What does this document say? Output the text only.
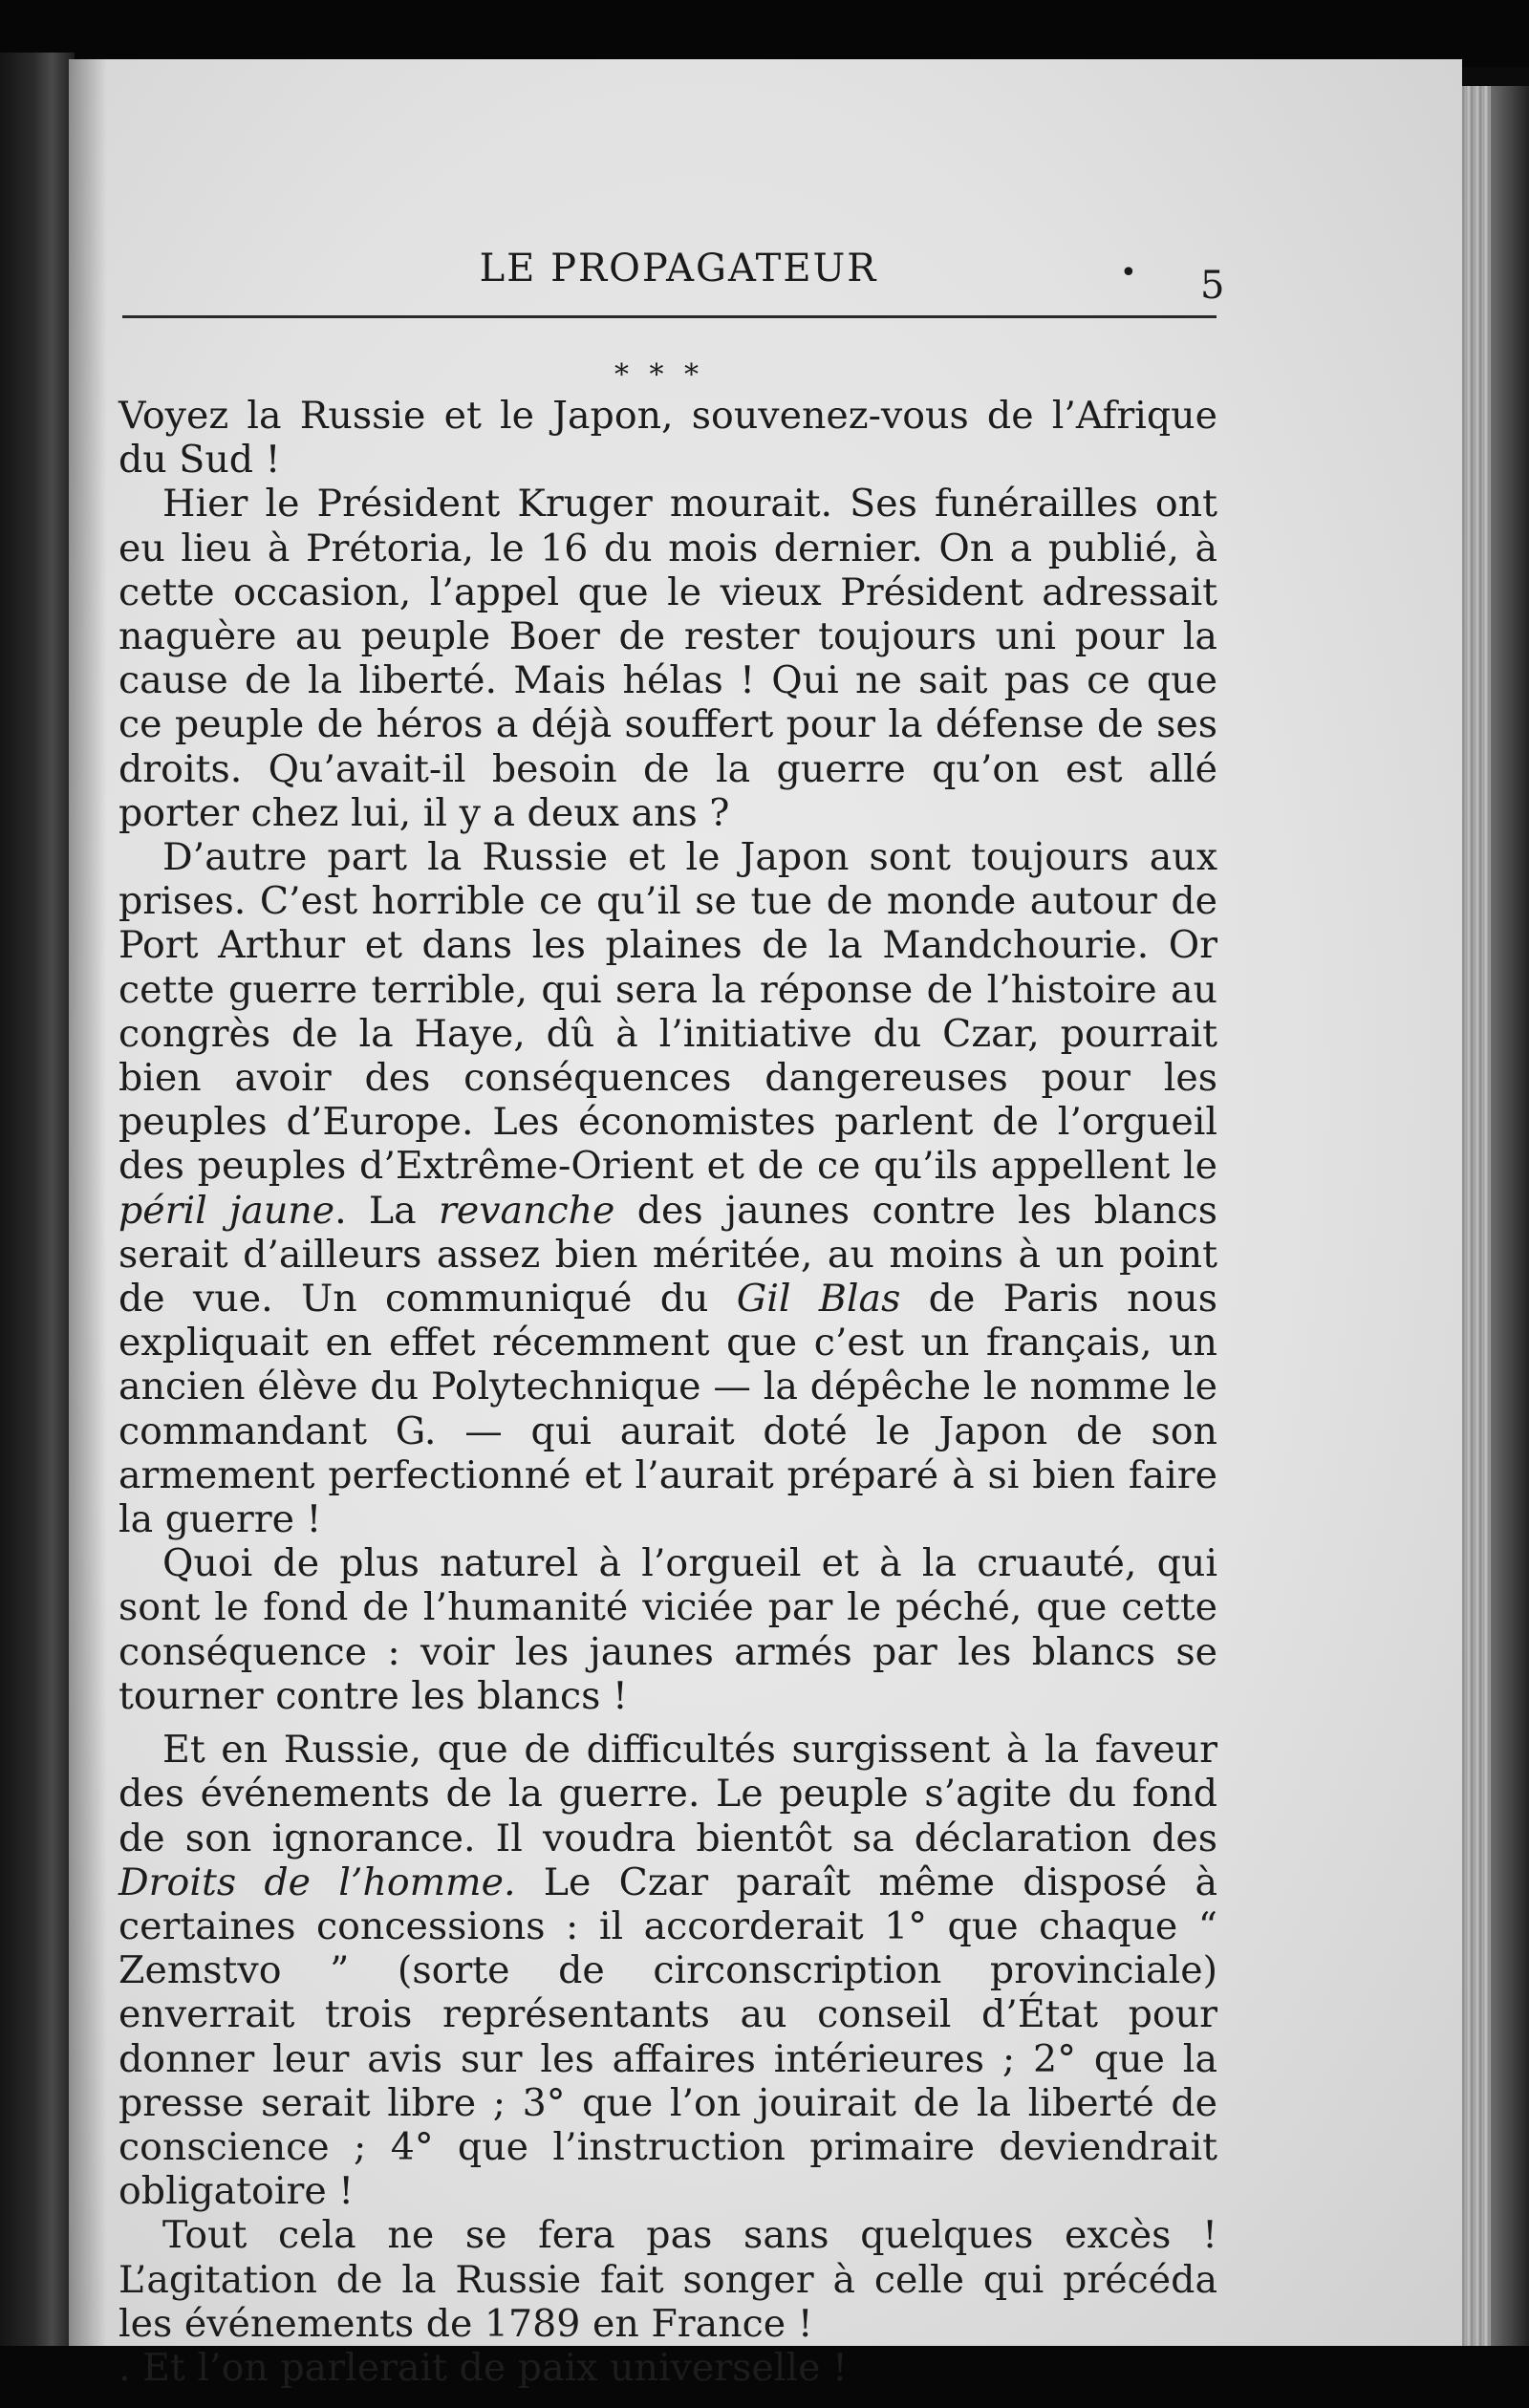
LE PROPAGATEUR	• 5
* * *

Voyez la Russie et le Japon, souvenez-vous de l’Afrique du Sud !

Hier le Président Kruger mourait. Ses funérailles ont eu lieu à Prétoria, le 16 du mois dernier. On a publié, à cette occasion, l’appel que le vieux Président adressait naguère au peuple Boer de rester toujours uni pour la cause de la liberté. Mais hélas ! Qui ne sait pas ce que ce peuple de héros a déjà souffert pour la défense de ses droits. Qu’avait-il besoin de la guerre qu’on est allé porter chez lui, il y a deux ans ?

D’autre part la Russie et le Japon sont toujours aux prises. C’est horrible ce qu’il se tue de monde autour de Port Arthur et dans les plaines de la Mandchourie. Or cette guerre terrible, qui sera la réponse de l’histoire au congrès de la Haye, dû à l’initiative du Czar, pourrait bien avoir des conséquences dangereuses pour les peuples d’Europe. Les économistes parlent de l’orgueil des peuples d’Extrême-Orient et de ce qu’ils appellent le péril jaune. La revanche des jaunes contre les blancs serait d’ailleurs assez bien méritée, au moins à un point de vue. Un communiqué du Gil Blas de Paris nous expliquait en effet récemment que c’est un français, un ancien élève du Polytechnique — la dépêche le nomme le commandant G. — qui aurait doté le Japon de son armement perfectionné et l’aurait préparé à si bien faire la guerre !

Quoi de plus naturel à l’orgueil et à la cruauté, qui sont le fond de l’humanité viciée par le péché, que cette conséquence : voir les jaunes armés par les blancs se tourner contre les blancs !

Et en Russie, que de difficultés surgissent à la faveur des événements de la guerre. Le peuple s’agite du fond de son ignorance. Il voudra bientôt sa déclaration des Droits de l’homme. Le Czar paraît même disposé à certaines concessions : il accorderait 1° que chaque “ Zemstvo ” (sorte de circonscription provinciale) enverrait trois représentants au conseil d’État pour donner leur avis sur les affaires intérieures ; 2° que la presse serait libre ; 3° que l’on jouirait de la liberté de conscience ; 4° que l’instruction primaire deviendrait obligatoire !

Tout cela ne se fera pas sans quelques excès ! L’agitation de la Russie fait songer à celle qui précéda les événements de 1789 en France !

. Et l’on parlerait de paix universelle !
